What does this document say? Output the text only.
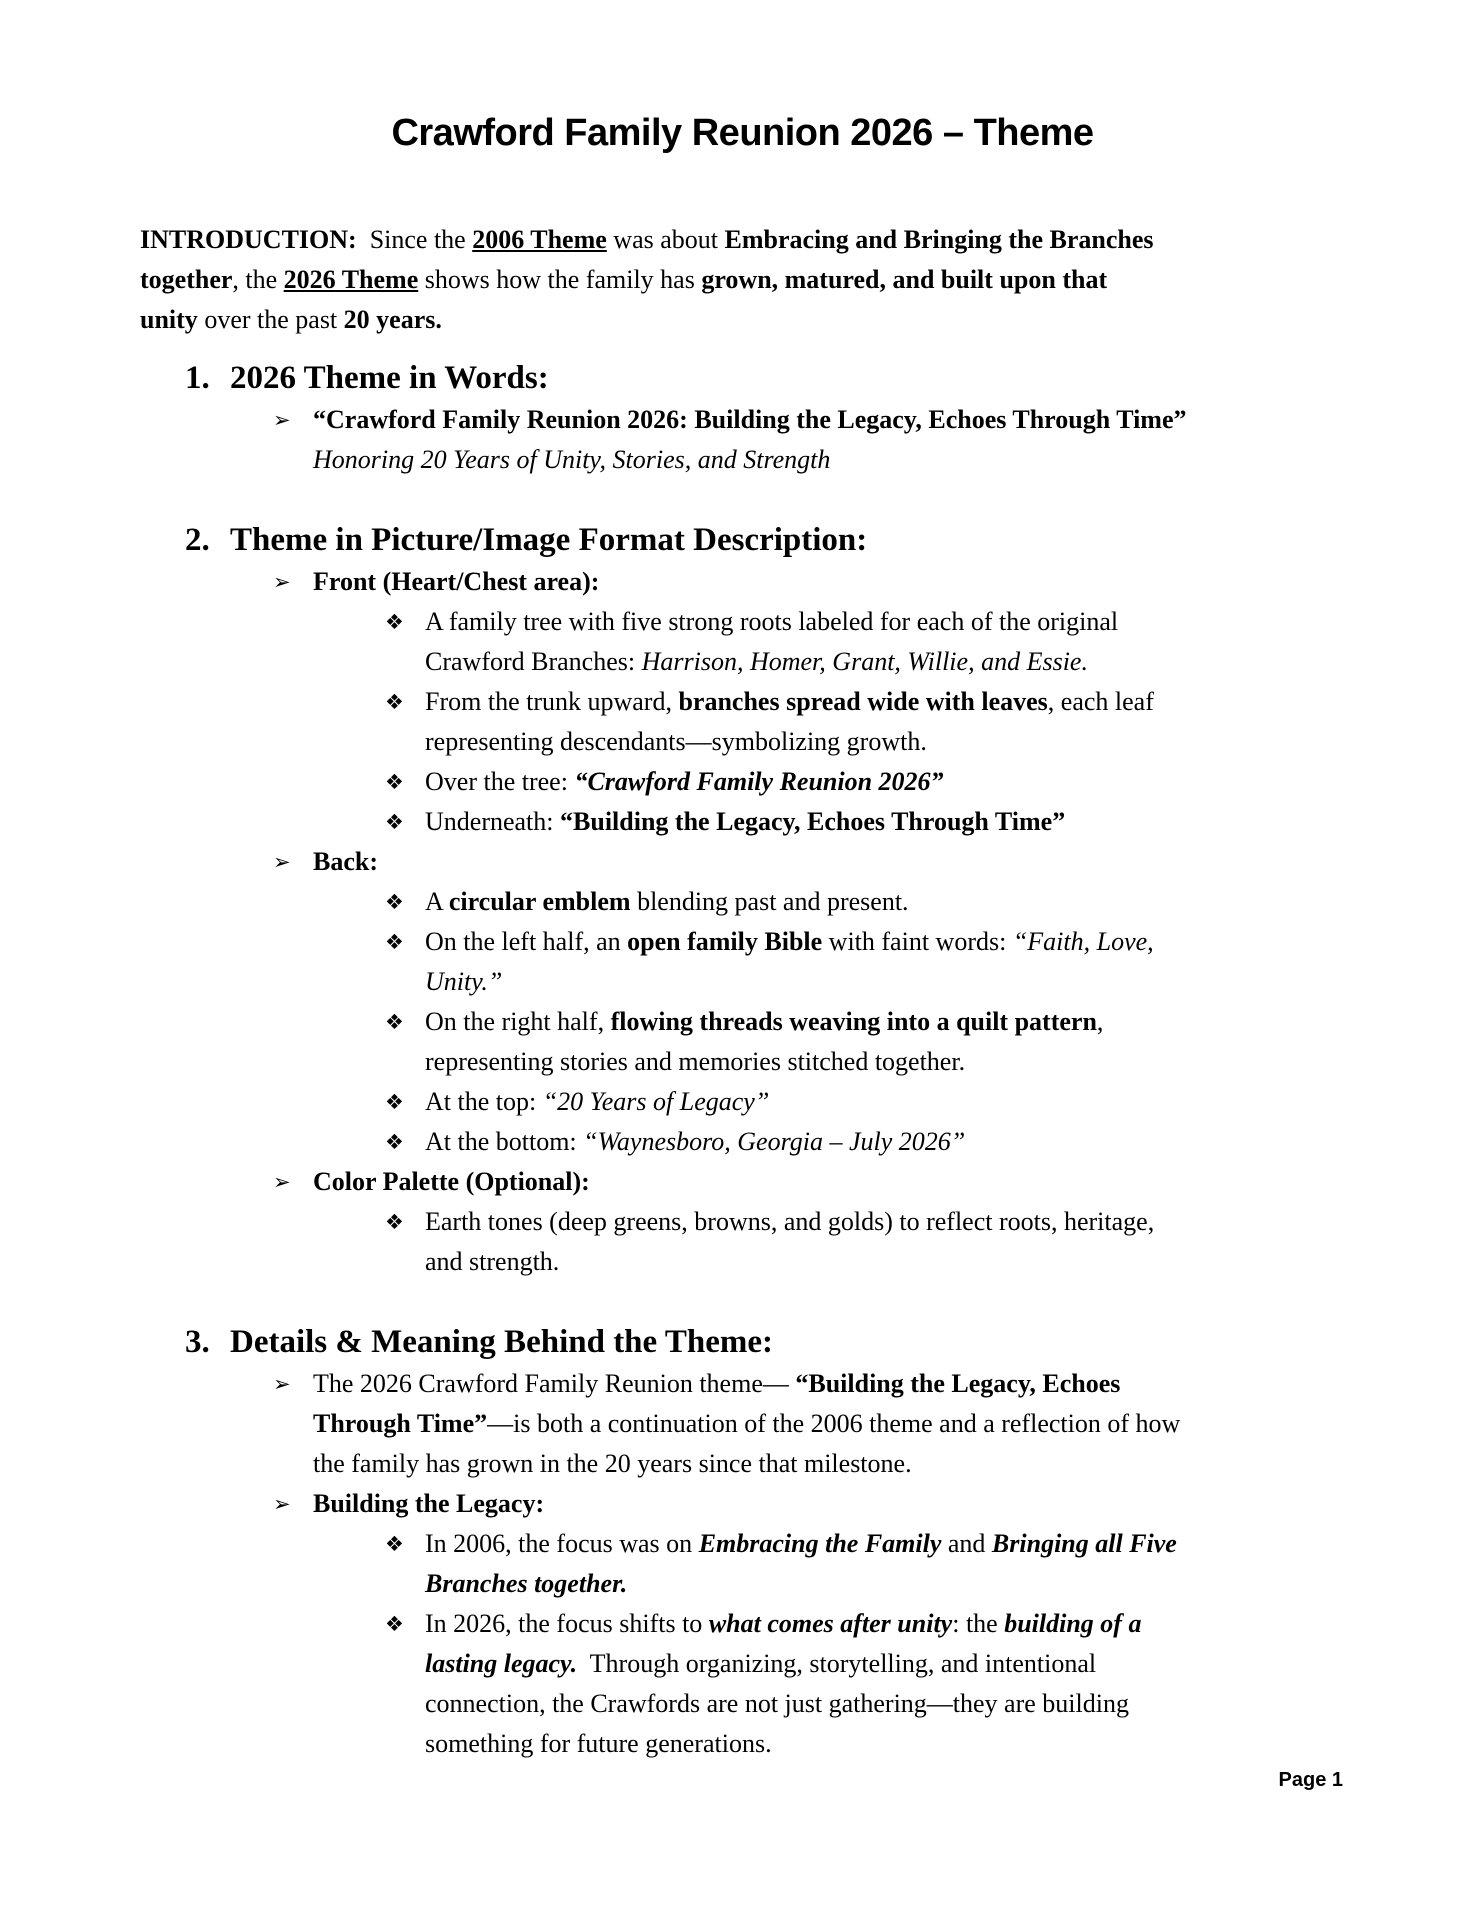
Crawford Family Reunion 2026 – Theme

INTRODUCTION:  Since the 2006 Theme was about Embracing and Bringing the Branches
together, the 2026 Theme shows how the family has grown, matured, and built upon that
unity over the past 20 years.

1. 2026 Theme in Words:
➢ “Crawford Family Reunion 2026: Building the Legacy, Echoes Through Time”
Honoring 20 Years of Unity, Stories, and Strength
2. Theme in Picture/Image Format Description:
➢ Front (Heart/Chest area):
❖ A family tree with five strong roots labeled for each of the original
Crawford Branches: Harrison, Homer, Grant, Willie, and Essie.
❖ From the trunk upward, branches spread wide with leaves, each leaf
representing descendants—symbolizing growth.
❖ Over the tree: “Crawford Family Reunion 2026”
❖ Underneath: “Building the Legacy, Echoes Through Time”
➢ Back:
❖ A circular emblem blending past and present.
❖ On the left half, an open family Bible with faint words: “Faith, Love,
Unity.”
❖ On the right half, flowing threads weaving into a quilt pattern,
representing stories and memories stitched together.
❖ At the top: “20 Years of Legacy”
❖ At the bottom: “Waynesboro, Georgia – July 2026”
➢ Color Palette (Optional):
❖ Earth tones (deep greens, browns, and golds) to reflect roots, heritage,
and strength.
3. Details & Meaning Behind the Theme:
➢ The 2026 Crawford Family Reunion theme— “Building the Legacy, Echoes
Through Time”—is both a continuation of the 2006 theme and a reflection of how
the family has grown in the 20 years since that milestone.
➢ Building the Legacy:
❖ In 2006, the focus was on Embracing the Family and Bringing all Five
Branches together.
❖ In 2026, the focus shifts to what comes after unity: the building of a
lasting legacy.  Through organizing, storytelling, and intentional
connection, the Crawfords are not just gathering—they are building
something for future generations.
Page 1
